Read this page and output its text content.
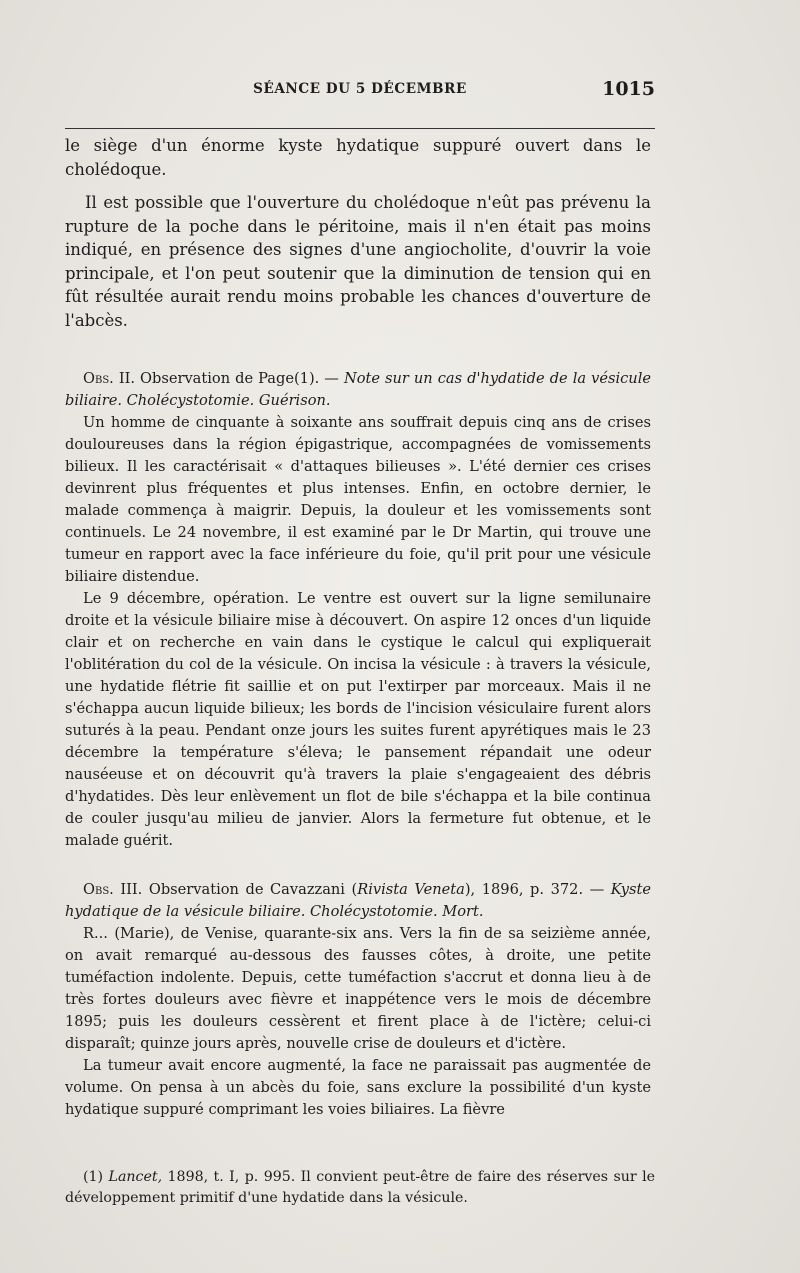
SÉANCE DU 5 DÉCEMBRE	1015

le siège d'un énorme kyste hydatique suppuré ouvert dans le cholédoque.

Il est possible que l'ouverture du cholédoque n'eût pas prévenu la rupture de la poche dans le péritoine, mais il n'en était pas moins indiqué, en présence des signes d'une angiocholite, d'ouvrir la voie principale, et l'on peut soutenir que la diminution de tension qui en fût résultée aurait rendu moins probable les chances d'ouverture de l'abcès.

Obs. II. Observation de Page(1). — Note sur un cas d'hydatide de la vésicule biliaire. Cholécystotomie. Guérison.

Un homme de cinquante à soixante ans souffrait depuis cinq ans de crises douloureuses dans la région épigastrique, accompagnées de vomissements bilieux. Il les caractérisait « d'attaques bilieuses ». L'été dernier ces crises devinrent plus fréquentes et plus intenses. Enfin, en octobre dernier, le malade commença à maigrir. Depuis, la douleur et les vomissements sont continuels. Le 24 novembre, il est examiné par le Dr Martin, qui trouve une tumeur en rapport avec la face inférieure du foie, qu'il prit pour une vésicule biliaire distendue.

Le 9 décembre, opération. Le ventre est ouvert sur la ligne semilunaire droite et la vésicule biliaire mise à découvert. On aspire 12 onces d'un liquide clair et on recherche en vain dans le cystique le calcul qui expliquerait l'oblitération du col de la vésicule. On incisa la vésicule : à travers la vésicule, une hydatide flétrie fit saillie et on put l'extirper par morceaux. Mais il ne s'échappa aucun liquide bilieux; les bords de l'incision vésiculaire furent alors suturés à la peau. Pendant onze jours les suites furent apyrétiques mais le 23 décembre la température s'éleva; le pansement répandait une odeur nauséeuse et on découvrit qu'à travers la plaie s'engageaient des débris d'hydatides. Dès leur enlèvement un flot de bile s'échappa et la bile continua de couler jusqu'au milieu de janvier. Alors la fermeture fut obtenue, et le malade guérit.

Obs. III. Observation de Cavazzani (Rivista Veneta), 1896, p. 372. — Kyste hydatique de la vésicule biliaire. Cholécystotomie. Mort.

R... (Marie), de Venise, quarante-six ans. Vers la fin de sa seizième année, on avait remarqué au-dessous des fausses côtes, à droite, une petite tuméfaction indolente. Depuis, cette tuméfaction s'accrut et donna lieu à de très fortes douleurs avec fièvre et inappétence vers le mois de décembre 1895; puis les douleurs cessèrent et firent place à de l'ictère; celui-ci disparaît; quinze jours après, nouvelle crise de douleurs et d'ictère.

La tumeur avait encore augmenté, la face ne paraissait pas augmentée de volume. On pensa à un abcès du foie, sans exclure la possibilité d'un kyste hydatique suppuré comprimant les voies biliaires. La fièvre

(1) Lancet, 1898, t. I, p. 995. Il convient peut-être de faire des réserves sur le développement primitif d'une hydatide dans la vésicule.
